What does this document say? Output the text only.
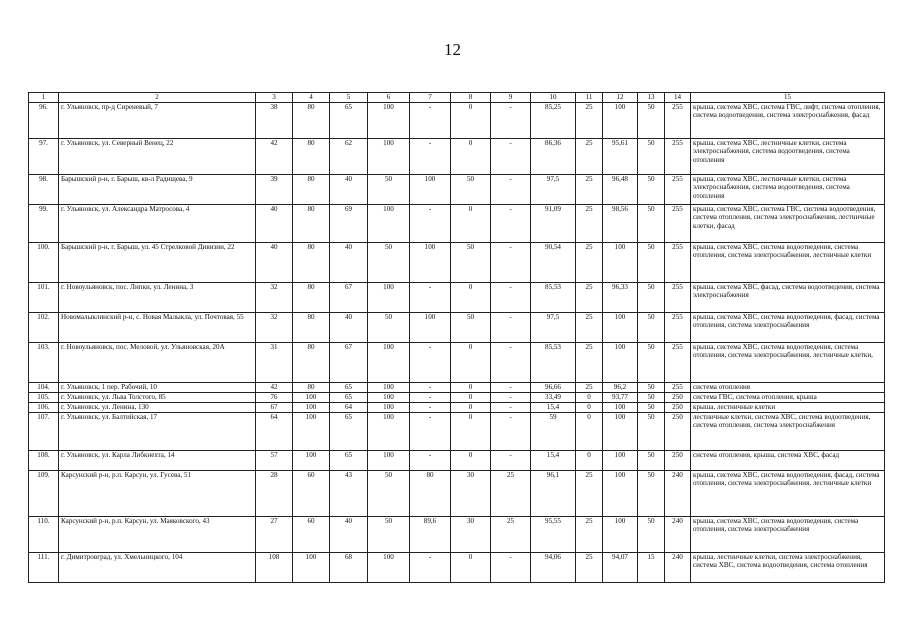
12
1	2	3	4	5	6	7	8	9	10	11	12	13	14	15
96.	г. Ульяновск, пр-д Сиреневый, 7	38	80	65	100	-	0	-	85,25	25	100	50	255	крыша, система ХВС, система ГВС, лифт, система отопления, система водоотведения, система электроснабжения, фасад
97.	г. Ульяновск, ул. Северный Венец, 22	42	80	62	100	-	0	-	86,36	25	95,61	50	255	крыша, система ХВС, лестничные клетки, система электроснабжения, система водоотведения, система отопления
98.	Барышский р-н, г. Барыш, кв-л Радищева, 9	39	80	40	50	100	50	-	97,5	25	96,48	50	255	крыша, система ХВС, лестничные клетки, система электроснабжения, система водоотведения, система отопления
99.	г. Ульяновск, ул. Александра Матросова, 4	40	80	69	100	-	0	-	91,09	25	98,56	50	255	крыша, система ХВС, система ГВС, система водоотведения, система отопления, система электроснабжения, лестничные клетки, фасад
100.	Барышский р-н, г. Барыш, ул. 45 Стрелковой Дивизии, 22	40	80	40	50	100	50	-	90,54	25	100	50	255	крыша, система ХВС, система водоотведения, система отопления, система электроснабжения, лестничные клетки
101.	г. Новоульяновск, пос. Липки, ул. Ленина, 3	32	80	67	100	-	0	-	85,53	25	96,33	50	255	крыша, система ХВС, фасад, система водоотведения, система электроснабжения
102.	Новомалыклинский р-н, с. Новая Малыкла, ул. Почтовая, 55	32	80	40	50	100	50	-	97,5	25	100	50	255	крыша, система ХВС, система водоотведения, фасад, система отопления, система электроснабжения
103.	г. Новоульяновск, пос. Меловой, ул. Ульяновская, 20А	31	80	67	100	-	0	-	85,53	25	100	50	255	крыша, система ХВС, система водоотведения, система отопления, система электроснабжения, лестничные клетки,
104.	г. Ульяновск, 1 пер. Рабочий, 10	42	80	65	100	-	0	-	96,66	25	96,2	50	255	система отопления
105.	г. Ульяновск, ул. Льва Толстого, 85	76	100	65	100	-	0	-	33,49	0	93,77	50	250	система ГВС, система отопления, крыша
106.	г. Ульяновск, ул. Ленина, 130	67	100	64	100	-	0	-	15,4	0	100	50	250	крыша, лестничные клетки
107.	г. Ульяновск, ул. Балтийская, 17	64	100	65	100	-	0	-	59	0	100	50	250	лестничные клетки, система ХВС, система водоотведения, система отопления, система электроснабжения
108.	г. Ульяновск, ул. Карла Либкнехта, 14	57	100	65	100	-	0	-	15,4	0	100	50	250	система отопления, крыша, система ХВС, фасад
109.	Карсунский р-н, р.п. Карсун, ул. Гусева, 51	28	60	43	50	80	30	25	96,1	25	100	50	240	крыша, система ХВС, система водоотведения, фасад, система отопления, система электроснабжения, лестничные клетки
110.	Карсунский р-н, р.п. Карсун, ул. Маяковского, 43	27	60	40	50	89,6	30	25	95,55	25	100	50	240	крыша, система ХВС, система водоотведения, система отопления, система электроснабжения
111.	г. Димитровград, ул. Хмельницкого, 104	108	100	68	100	-	0	-	94,06	25	94,07	15	240	крыша, лестничные клетки, система электроснабжения, система ХВС, система водоотведения, система отопления
